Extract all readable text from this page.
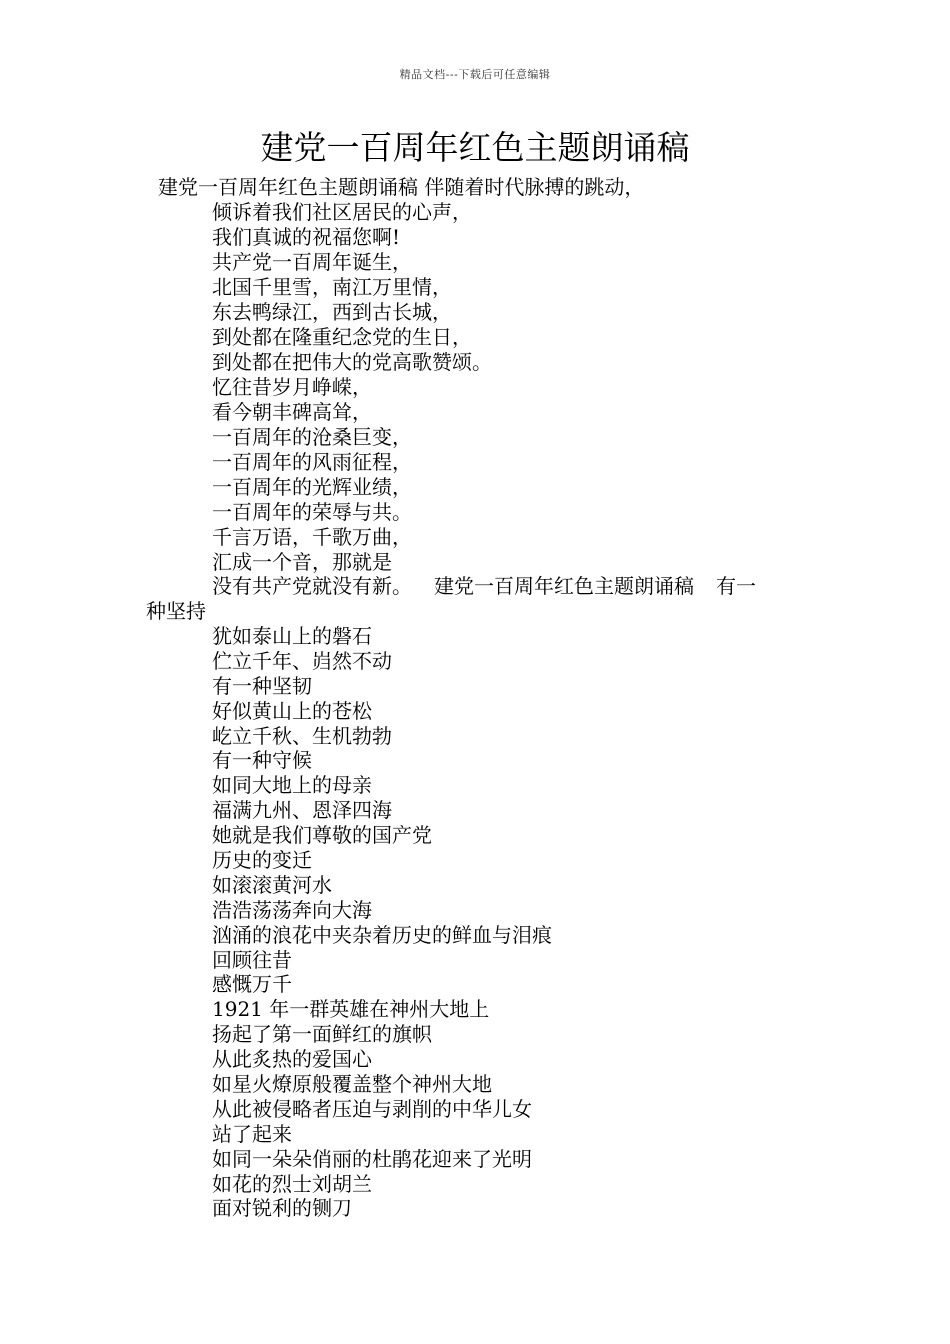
精品文档---下载后可任意编辑
建党一百周年红色主题朗诵稿
建党一百周年红色主题朗诵稿 伴随着时代脉搏的跳动，
倾诉着我们社区居民的心声，
我们真诚的祝福您啊!
共产党一百周年诞生，
北国千里雪，南江万里情，
东去鸭绿江，西到古长城，
到处都在隆重纪念党的生日，
到处都在把伟大的党高歌赞颂。
忆往昔岁月峥嵘，
看今朝丰碑高耸，
一百周年的沧桑巨变，
一百周年的风雨征程，
一百周年的光辉业绩，
一百周年的荣辱与共。
千言万语，千歌万曲，
汇成一个音，那就是
没有共产党就没有新。 建党一百周年红色主题朗诵稿 有一
种坚持
犹如泰山上的磐石
伫立千年、岿然不动
有一种坚韧
好似黄山上的苍松
屹立千秋、生机勃勃
有一种守候
如同大地上的母亲
福满九州、恩泽四海
她就是我们尊敬的国产党
历史的变迁
如滚滚黄河水
浩浩荡荡奔向大海
汹涌的浪花中夹杂着历史的鲜血与泪痕
回顾往昔
感慨万千
1921 年一群英雄在神州大地上
扬起了第一面鲜红的旗帜
从此炙热的爱国心
如星火燎原般覆盖整个神州大地
从此被侵略者压迫与剥削的中华儿女
站了起来
如同一朵朵俏丽的杜鹃花迎来了光明
如花的烈士刘胡兰
面对锐利的铡刀
